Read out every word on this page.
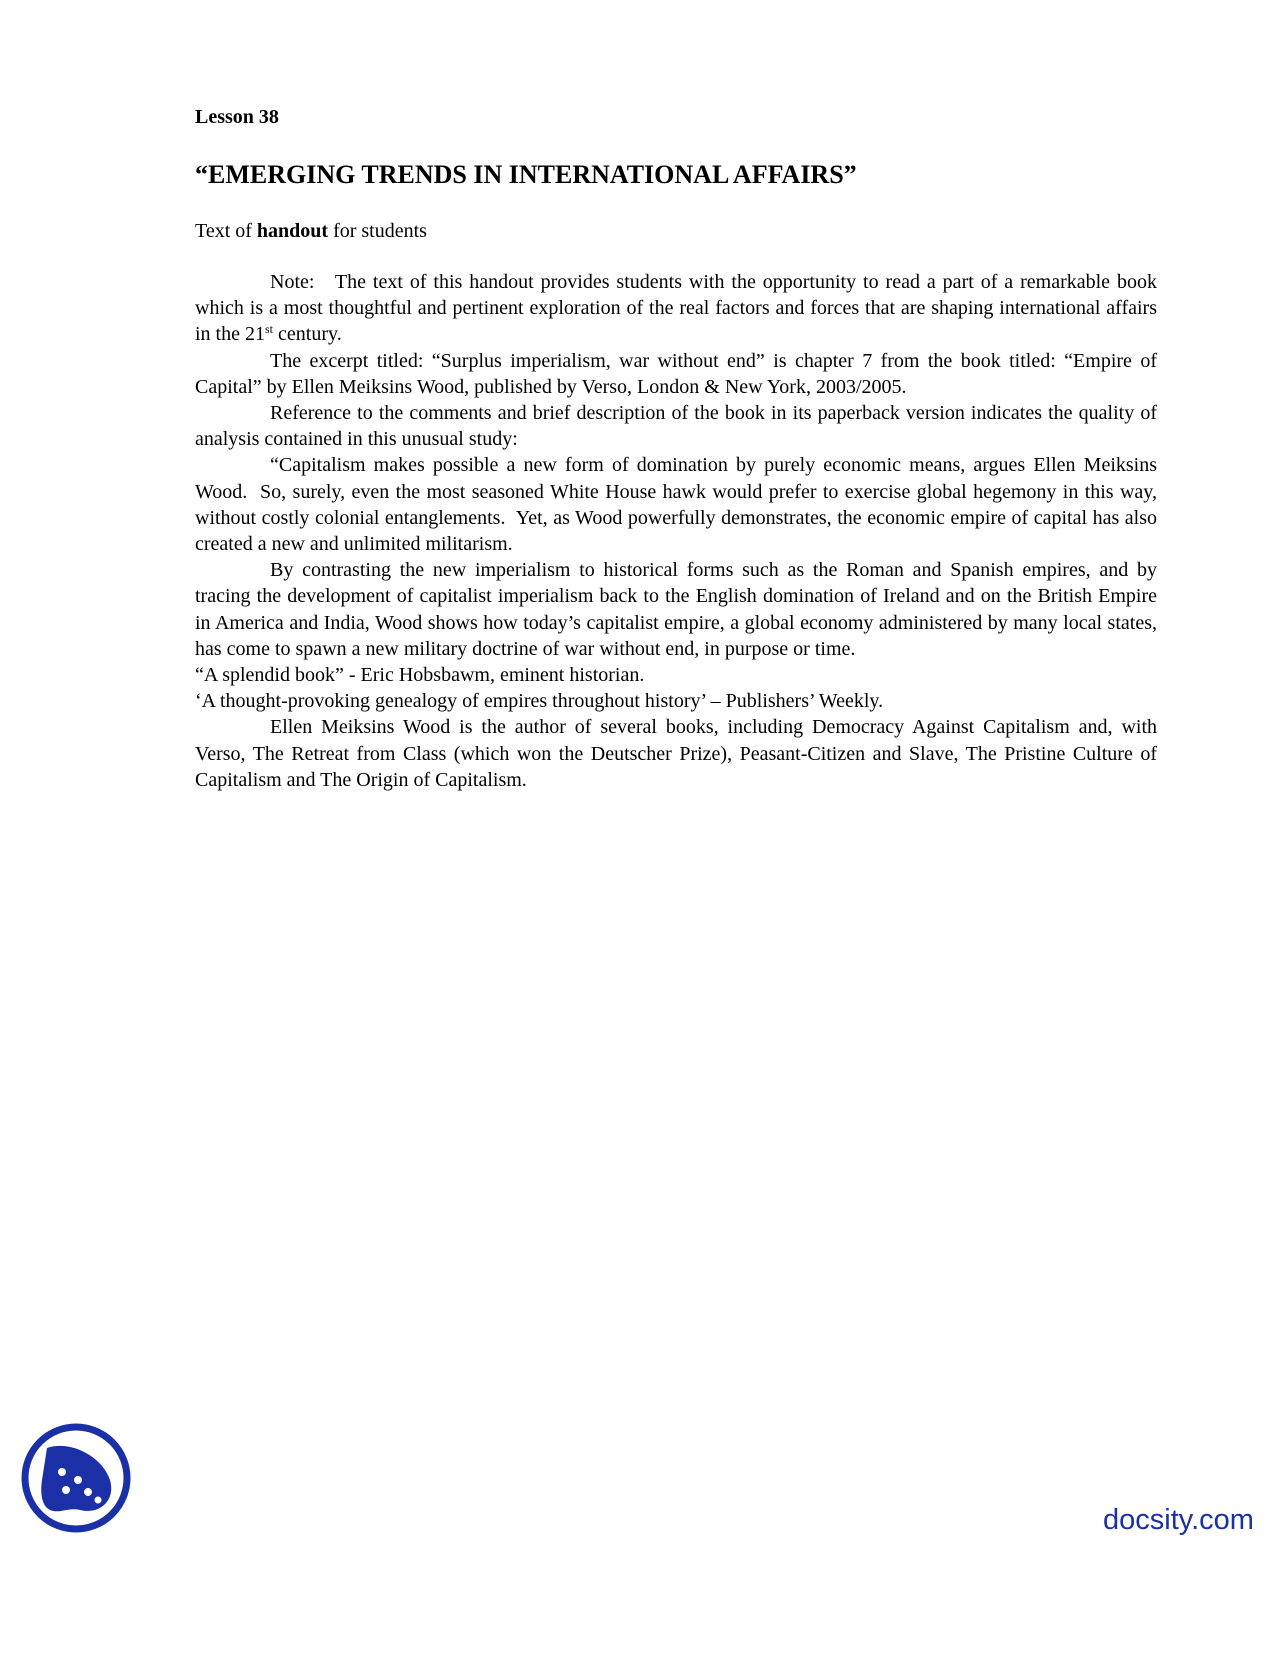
Lesson 38
“EMERGING TRENDS IN INTERNATIONAL AFFAIRS”
Text of handout for students

Note:   The text of this handout provides students with the opportunity to read a part of a remarkable book which is a most thoughtful and pertinent exploration of the real factors and forces that are shaping international affairs in the 21st century.

The excerpt titled: “Surplus imperialism, war without end” is chapter 7 from the book titled: “Empire of Capital” by Ellen Meiksins Wood, published by Verso, London & New York, 2003/2005.

Reference to the comments and brief description of the book in its paperback version indicates the quality of analysis contained in this unusual study:

“Capitalism makes possible a new form of domination by purely economic means, argues Ellen Meiksins Wood.  So, surely, even the most seasoned White House hawk would prefer to exercise global hegemony in this way, without costly colonial entanglements.  Yet, as Wood powerfully demonstrates, the economic empire of capital has also created a new and unlimited militarism.

By contrasting the new imperialism to historical forms such as the Roman and Spanish empires, and by tracing the development of capitalist imperialism back to the English domination of Ireland and on the British Empire in America and India, Wood shows how today’s capitalist empire, a global economy administered by many local states, has come to spawn a new military doctrine of war without end, in purpose or time.

“A splendid book” - Eric Hobsbawm, eminent historian.

‘A thought-provoking genealogy of empires throughout history’ – Publishers’ Weekly.

Ellen Meiksins Wood is the author of several books, including Democracy Against Capitalism and, with Verso, The Retreat from Class (which won the Deutscher Prize), Peasant-Citizen and Slave, The Pristine Culture of Capitalism and The Origin of Capitalism.

docsity.com
